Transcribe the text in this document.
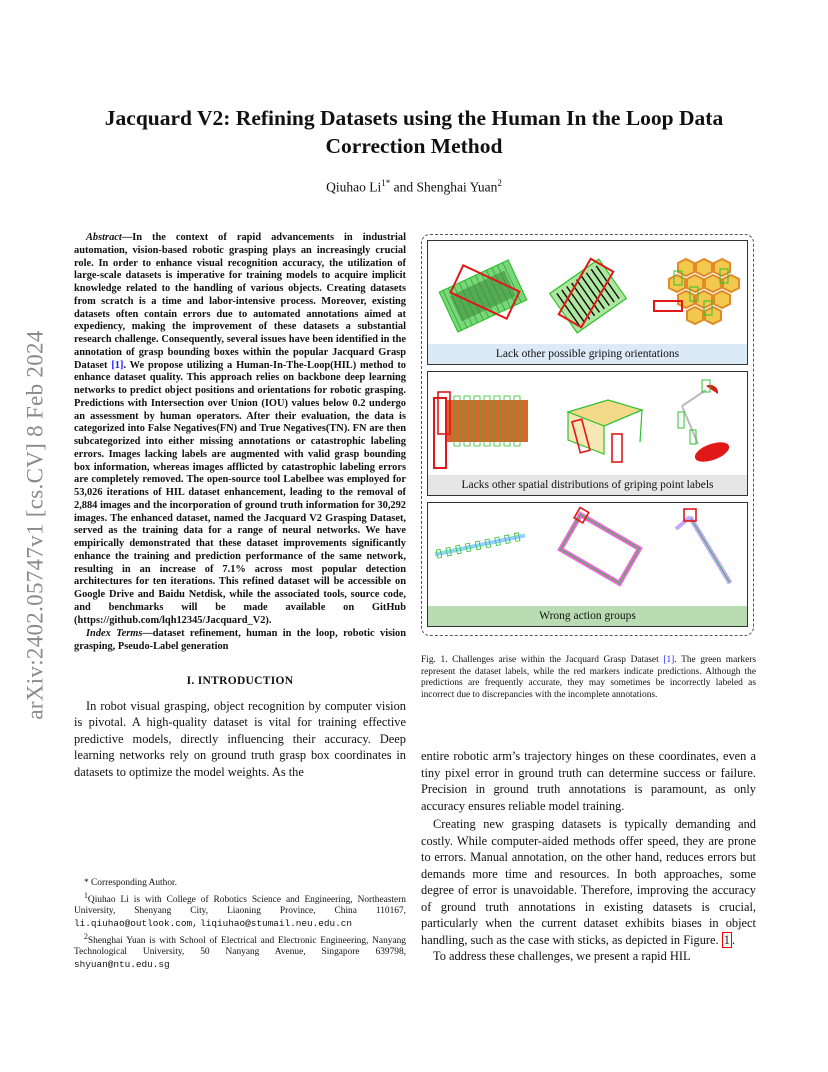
arXiv:2402.05747v1 [cs.CV] 8 Feb 2024
Jacquard V2: Refining Datasets using the Human In the Loop Data Correction Method
Qiuhao $Li^{1*}$ and Shenghai Yuan$^2$

Abstract—In the context of rapid advancements in industrial automation, vision-based robotic grasping plays an increasingly crucial role. In order to enhance visual recognition accuracy, the utilization of large-scale datasets is imperative for training models to acquire implicit knowledge related to the handling of various objects. Creating datasets from scratch is a time and labor-intensive process. Moreover, existing datasets often contain errors due to automated annotations aimed at expediency, making the improvement of these datasets a substantial research challenge. Consequently, several issues have been identified in the annotation of grasp bounding boxes within the popular Jacquard Grasp Dataset [1]. We propose utilizing a Human-In-The-Loop(HIL) method to enhance dataset quality. This approach relies on backbone deep learning networks to predict object positions and orientations for robotic grasping. Predictions with Intersection over Union (IOU) values below 0.2 undergo an assessment by human operators. After their evaluation, the data is categorized into False Negatives(FN) and True Negatives(TN). FN are then subcategorized into either missing annotations or catastrophic labeling errors. Images lacking labels are augmented with valid grasp bounding box information, whereas images afflicted by catastrophic labeling errors are completely removed. The open-source tool Labelbee was employed for 53,026 iterations of HIL dataset enhancement, leading to the removal of 2,884 images and the incorporation of ground truth information for 30,292 images. The enhanced dataset, named the Jacquard V2 Grasping Dataset, served as the training data for a range of neural networks. We have empirically demonstrated that these dataset improvements significantly enhance the training and prediction performance of the same network, resulting in an increase of 7.1% across most popular detection architectures for ten iterations. This refined dataset will be accessible on Google Drive and Baidu Netdisk, while the associated tools, source code, and benchmarks will be made available on GitHub (https://github.com/lqh12345/Jacquard_V2).

Index Terms—dataset refinement, human in the loop, robotic vision grasping, Pseudo-Label generation

I. INTRODUCTION

In robot visual grasping, object recognition by computer vision is pivotal. A high-quality dataset is vital for training effective predictive models, directly influencing their accuracy. Deep learning networks rely on ground truth grasp box coordinates in datasets to optimize the model weights. As the

* Corresponding Author.

$^1$Qiuhao Li is with College of Robotics Science and Engineering, Northeastern University, Shenyang City, Liaoning Province, China 110167, li.qiuhao@outlook.com, liqiuhao@stumail.neu.edu.cn

$^2$Shenghai Yuan is with School of Electrical and Electronic Engineering, Nanyang Technological University, 50 Nanyang Avenue, Singapore 639798, shyuan@ntu.edu.sg

Lack other possible griping orientations
Lacks other spatial distributions of griping point labels
Wrong action groups

Fig. 1. Challenges arise within the Jacquard Grasp Dataset [1]. The green markers represent the dataset labels, while the red markers indicate predictions. Although the predictions are frequently accurate, they may sometimes be incorrectly labeled as incorrect due to discrepancies with the incomplete annotations.

entire robotic arm’s trajectory hinges on these coordinates, even a tiny pixel error in ground truth can determine success or failure. Precision in ground truth annotations is paramount, as only accuracy ensures reliable model training.

Creating new grasping datasets is typically demanding and costly. While computer-aided methods offer speed, they are prone to errors. Manual annotation, on the other hand, reduces errors but demands more time and resources. In both approaches, some degree of error is unavoidable. Therefore, improving the accuracy of ground truth annotations in existing datasets is crucial, particularly when the current dataset exhibits biases in object handling, such as the case with sticks, as depicted in Figure. 1 .

To address these challenges, we present a rapid HIL
